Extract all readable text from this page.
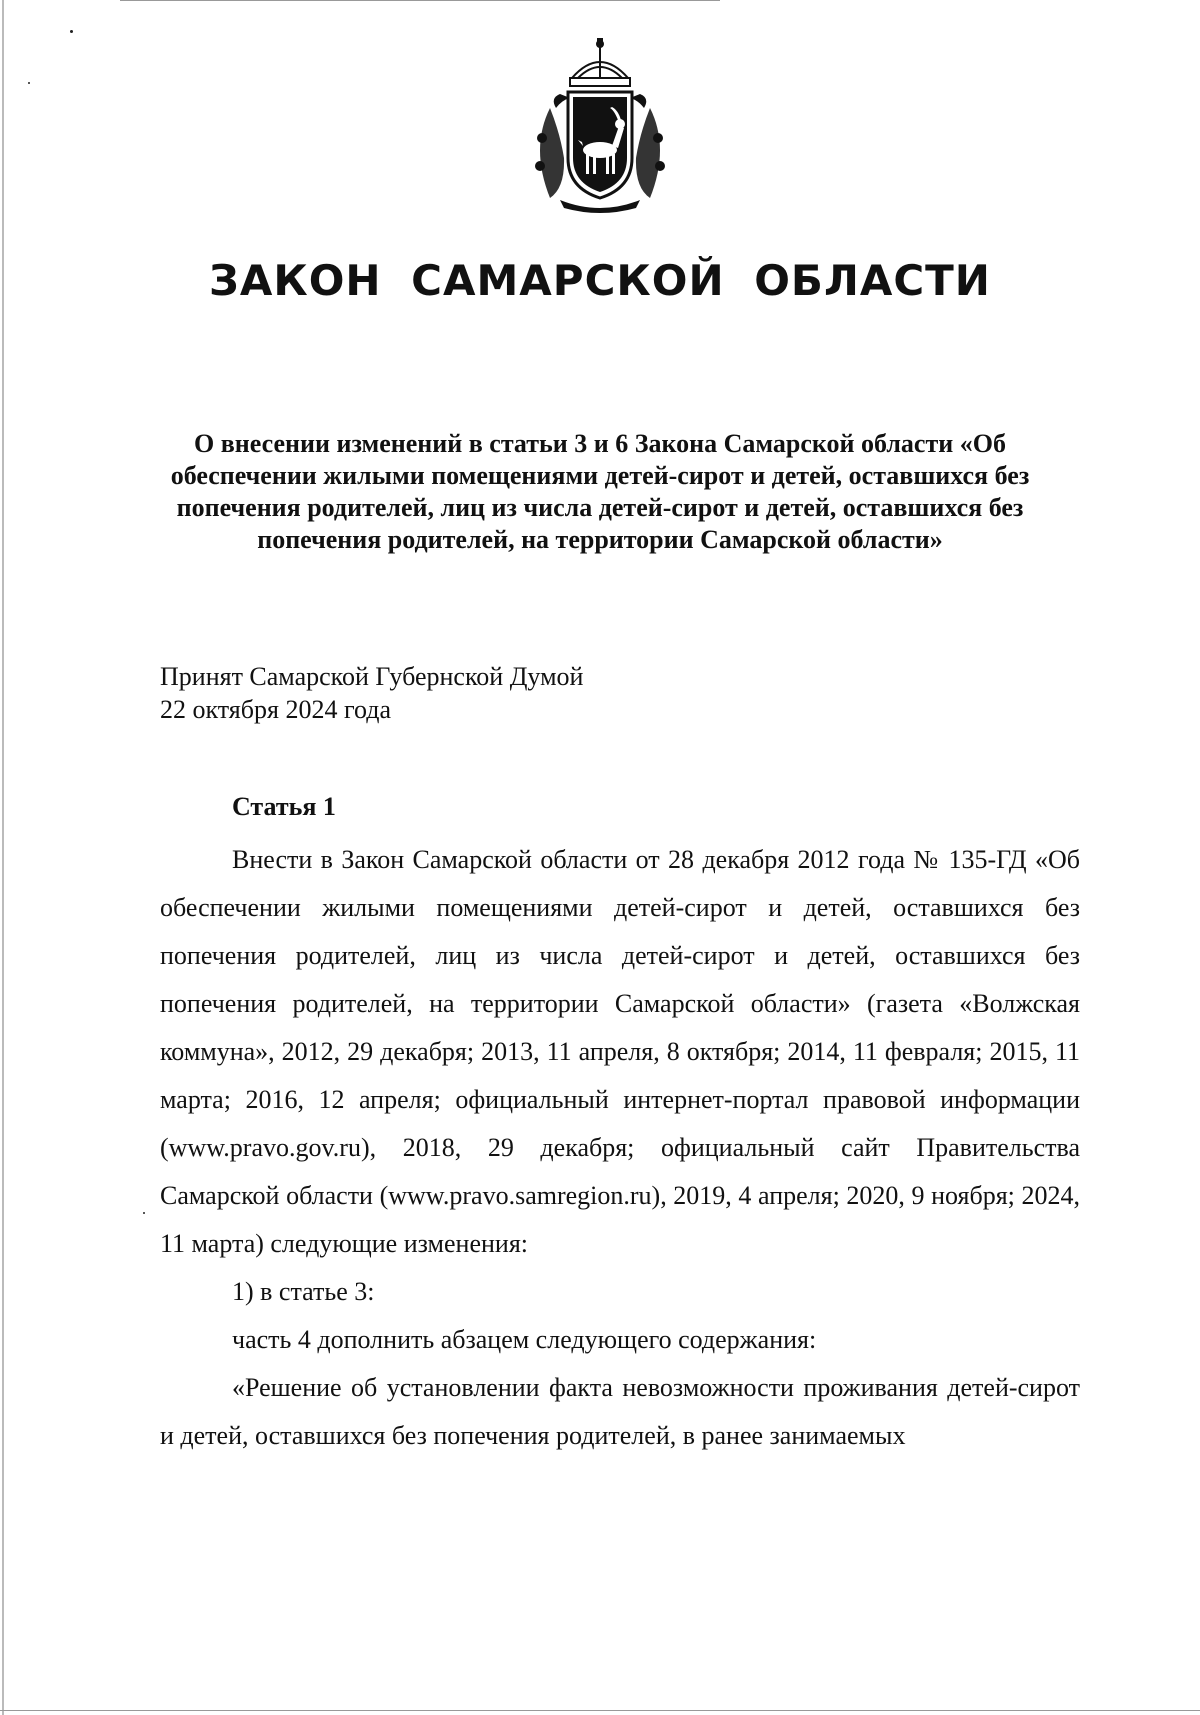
ЗАКОН САМАРСКОЙ ОБЛАСТИ
О внесении изменений в статьи 3 и 6 Закона Самарской области «Об обеспечении жилыми помещениями детей-сирот и детей, оставшихся без попечения родителей, лиц из числа детей-сирот и детей, оставшихся без попечения родителей, на территории Самарской области»
Принят Самарской Губернской Думой
22 октября 2024 года
Статья 1

Внести в Закон Самарской области от 28 декабря 2012 года № 135-ГД «Об обеспечении жилыми помещениями детей-сирот и детей, оставшихся без попечения родителей, лиц из числа детей-сирот и детей, оставшихся без попечения родителей, на территории Самарской области» (газета «Волжская коммуна», 2012, 29 декабря; 2013, 11 апреля, 8 октября; 2014, 11 февраля; 2015, 11 марта; 2016, 12 апреля; официальный интернет-портал правовой информации (www.pravo.gov.ru), 2018, 29 декабря; официальный сайт Правительства Самарской области (www.pravo.samregion.ru), 2019, 4 апреля; 2020, 9 ноября; 2024, 11 марта) следующие изменения:

1) в статье 3:

часть 4 дополнить абзацем следующего содержания:

«Решение об установлении факта невозможности проживания детей-сирот и детей, оставшихся без попечения родителей, в ранее занимаемых
